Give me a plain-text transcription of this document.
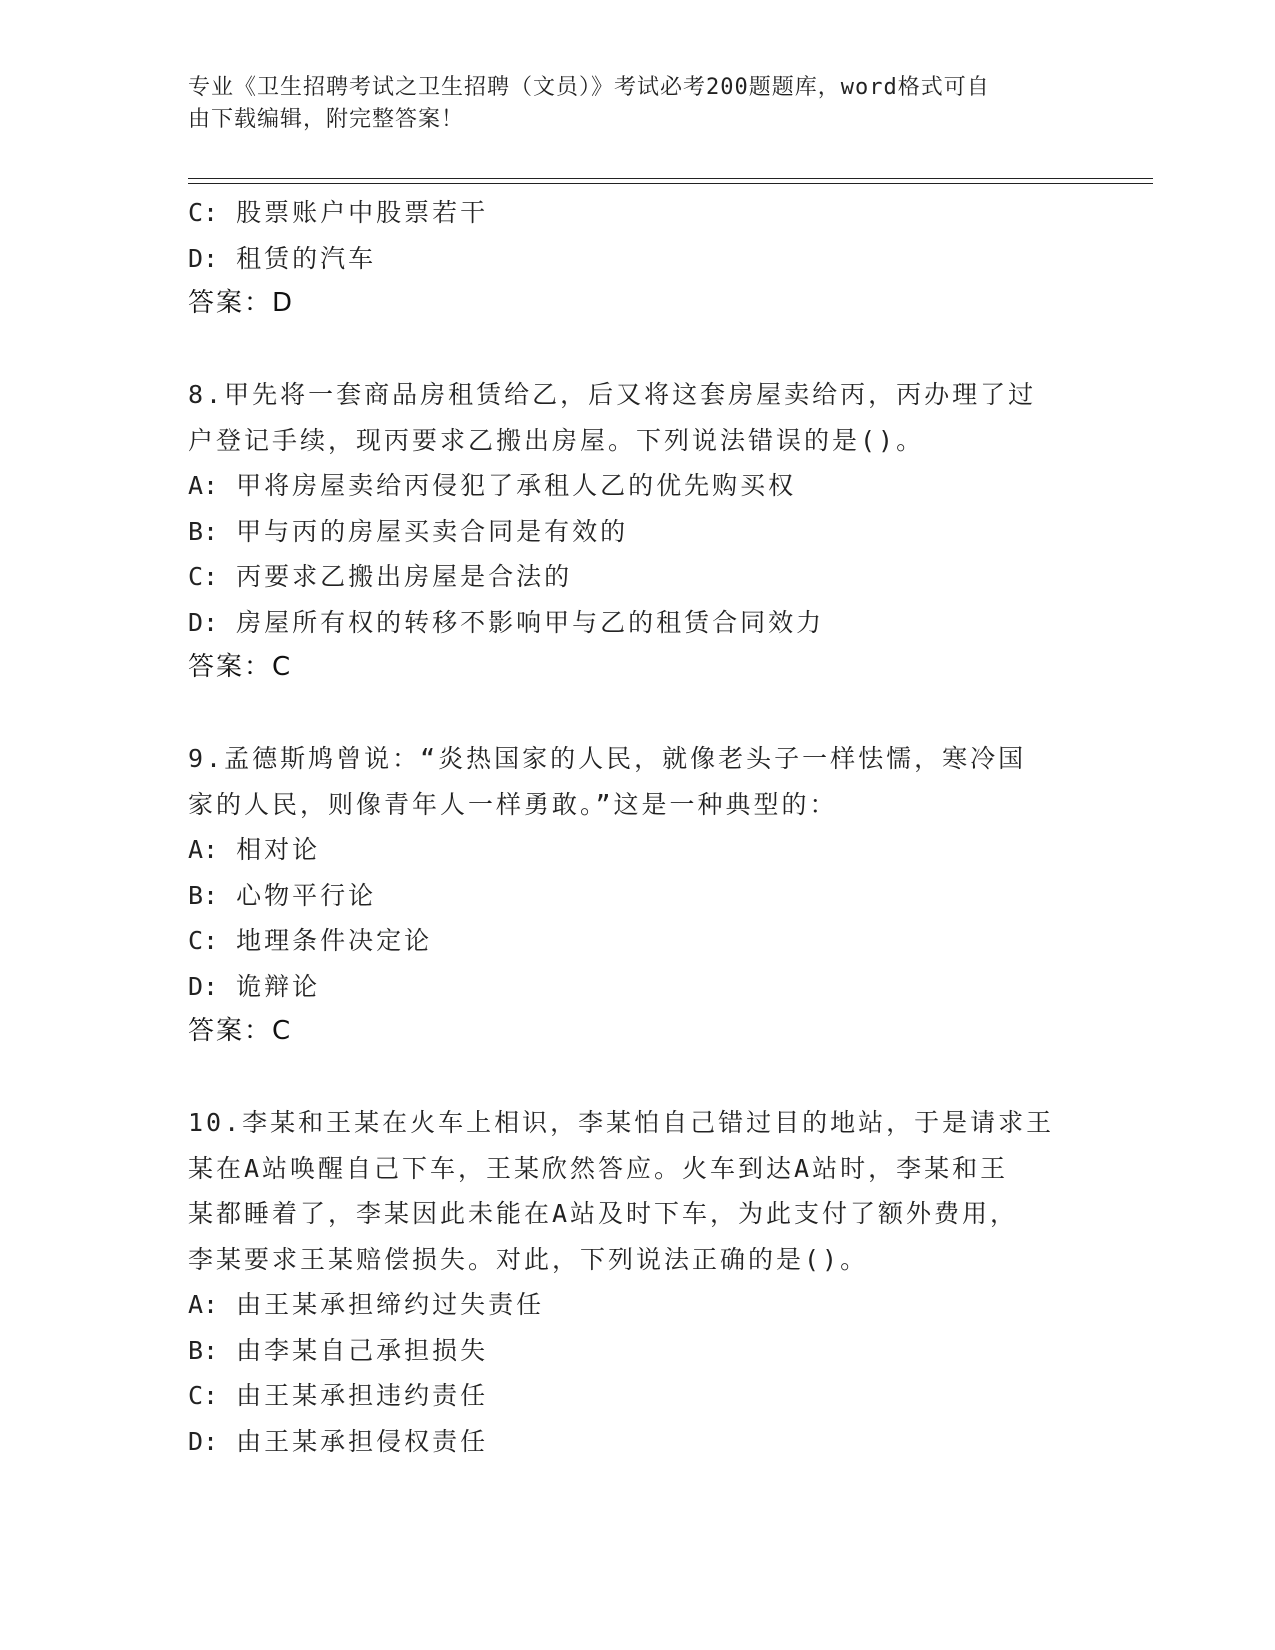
专业《卫生招聘考试之卫生招聘（文员）》考试必考200题题库，word格式可自
由下载编辑，附完整答案！
C: 股票账户中股票若干
D: 租赁的汽车
答案：D
8.甲先将一套商品房租赁给乙，后又将这套房屋卖给丙，丙办理了过
户登记手续，现丙要求乙搬出房屋。下列说法错误的是()。
A: 甲将房屋卖给丙侵犯了承租人乙的优先购买权
B: 甲与丙的房屋买卖合同是有效的
C: 丙要求乙搬出房屋是合法的
D: 房屋所有权的转移不影响甲与乙的租赁合同效力
答案：C
9.孟德斯鸠曾说：“炎热国家的人民，就像老头子一样怯懦，寒冷国
家的人民，则像青年人一样勇敢。”这是一种典型的：
A: 相对论
B: 心物平行论
C: 地理条件决定论
D: 诡辩论
答案：C
10.李某和王某在火车上相识，李某怕自己错过目的地站，于是请求王
某在A站唤醒自己下车，王某欣然答应。火车到达A站时，李某和王
某都睡着了，李某因此未能在A站及时下车，为此支付了额外费用，
李某要求王某赔偿损失。对此，下列说法正确的是()。
A: 由王某承担缔约过失责任
B: 由李某自己承担损失
C: 由王某承担违约责任
D: 由王某承担侵权责任
